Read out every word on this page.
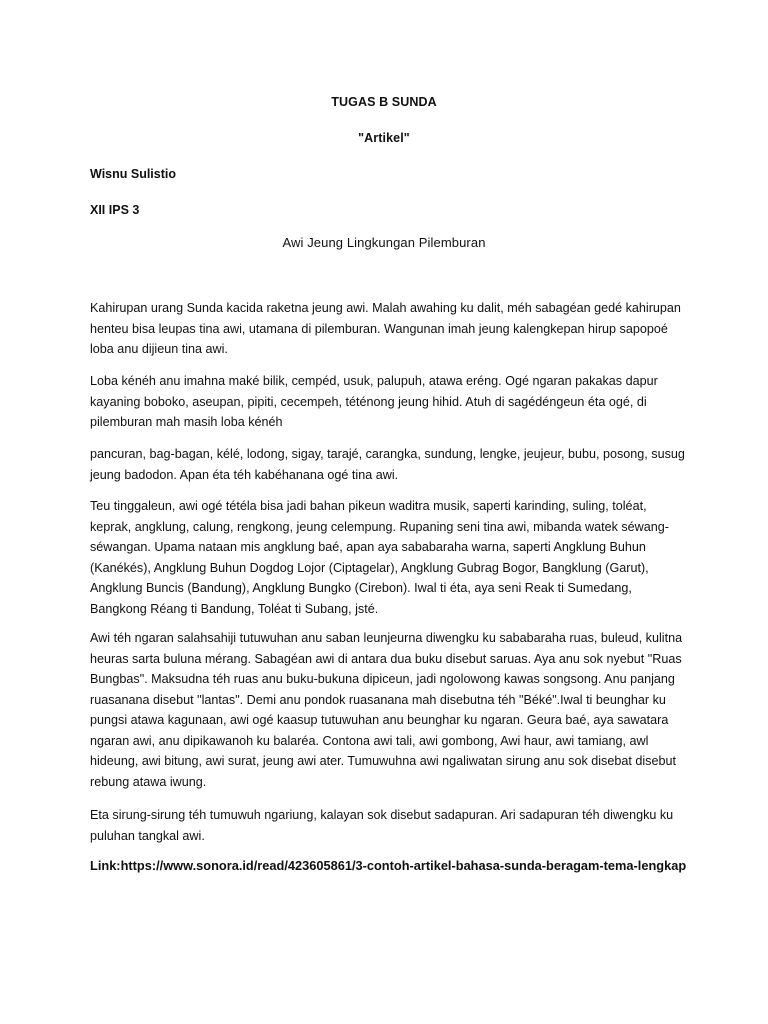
TUGAS B SUNDA
"Artikel"
Wisnu Sulistio
XII IPS 3
Awi Jeung Lingkungan Pilemburan

Kahirupan urang Sunda kacida raketna jeung awi. Malah awahing ku dalit, méh sabagéan gedé kahirupan henteu bisa leupas tina awi, utamana di pilemburan. Wangunan imah jeung kalengkepan hirup sapopoé loba anu dijieun tina awi.

Loba kénéh anu imahna maké bilik, cempéd, usuk, palupuh, atawa eréng. Ogé ngaran pakakas dapur kayaning boboko, aseupan, pipiti, cecempeh, téténong jeung hihid. Atuh di sagédéngeun éta ogé, di pilemburan mah masih loba kénéh

pancuran, bag-bagan, kélé, lodong, sigay, tarajé, carangka, sundung, lengke, jeujeur, bubu, posong, susug jeung badodon. Apan éta téh kabéhanana ogé tina awi.

Teu tinggaleun, awi ogé tétéla bisa jadi bahan pikeun waditra musik, saperti karinding, suling, toléat, keprak, angklung, calung, rengkong, jeung celempung. Rupaning seni tina awi, mibanda watek séwang-séwangan. Upama nataan mis angklung baé, apan aya sababaraha warna, saperti Angklung Buhun (Kanékés), Angklung Buhun Dogdog Lojor (Ciptagelar), Angklung Gubrag Bogor, Bangklung (Garut), Angklung Buncis (Bandung), Angklung Bungko (Cirebon). Iwal ti éta, aya seni Reak ti Sumedang, Bangkong Réang ti Bandung, Toléat ti Subang, jsté.

Awi téh ngaran salahsahiji tutuwuhan anu saban leunjeurna diwengku ku sababaraha ruas, buleud, kulitna heuras sarta buluna mérang. Sabagéan awi di antara dua buku disebut saruas. Aya anu sok nyebut "Ruas Bungbas". Maksudna téh ruas anu buku-bukuna dipiceun, jadi ngolowong kawas songsong. Anu panjang ruasanana disebut "lantas". Demi anu pondok ruasanana mah disebutna téh "Béké".Iwal ti beunghar ku pungsi atawa kagunaan, awi ogé kaasup tutuwuhan anu beunghar ku ngaran. Geura baé, aya sawatara ngaran awi, anu dipikawanoh ku balaréa. Contona awi tali, awi gombong, Awi haur, awi tamiang, awl hideung, awi bitung, awi surat, jeung awi ater. Tumuwuhna awi ngaliwatan sirung anu sok disebat disebut rebung atawa iwung.

Eta sirung-sirung téh tumuwuh ngariung, kalayan sok disebut sadapuran. Ari sadapuran téh diwengku ku puluhan tangkal awi.

Link:https://www.sonora.id/read/423605861/3-contoh-artikel-bahasa-sunda-beragam-tema-lengkap
